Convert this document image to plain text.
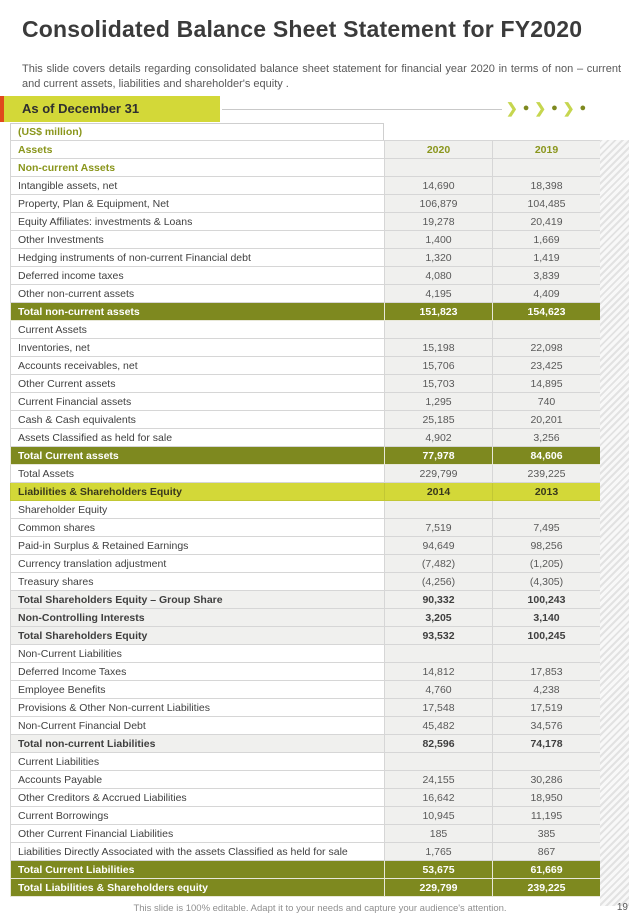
Consolidated Balance Sheet Statement for FY2020
This slide covers details regarding consolidated balance sheet statement for financial year 2020 in terms of non – current and current assets, liabilities and shareholder's equity .
As of December 31	❯ ● ❯ ● ❯ ●
(US$ million)
Assets	2020	2019
Non-current Assets		
Intangible assets, net	14,690	18,398
Property, Plan & Equipment, Net	106,879	104,485
Equity Affiliates: investments & Loans	19,278	20,419
Other Investments	1,400	1,669
Hedging instruments of non-current Financial debt	1,320	1,419
Deferred income taxes	4,080	3,839
Other non-current assets	4,195	4,409
Total non-current assets	151,823	154,623
Current Assets		
Inventories, net	15,198	22,098
Accounts receivables, net	15,706	23,425
Other Current assets	15,703	14,895
Current Financial assets	1,295	740
Cash & Cash equivalents	25,185	20,201
Assets Classified as held for sale	4,902	3,256
Total Current assets	77,978	84,606
Total Assets	229,799	239,225
Liabilities & Shareholders Equity	2014	2013
Shareholder Equity		
Common shares	7,519	7,495
Paid-in Surplus & Retained Earnings	94,649	98,256
Currency translation adjustment	(7,482)	(1,205)
Treasury shares	(4,256)	(4,305)
Total Shareholders Equity – Group Share	90,332	100,243
Non-Controlling Interests	3,205	3,140
Total Shareholders Equity	93,532	100,245
Non-Current Liabilities		
Deferred Income Taxes	14,812	17,853
Employee Benefits	4,760	4,238
Provisions & Other Non-current Liabilities	17,548	17,519
Non-Current Financial Debt	45,482	34,576
Total non-current Liabilities	82,596	74,178
Current Liabilities		
Accounts Payable	24,155	30,286
Other Creditors & Accrued Liabilities	16,642	18,950
Current Borrowings	10,945	11,195
Other Current Financial Liabilities	185	385
Liabilities Directly Associated with the assets Classified as held for sale	1,765	867
Total Current Liabilities	53,675	61,669
Total Liabilities & Shareholders equity	229,799	239,225
This slide is 100% editable. Adapt it to your needs and capture your audience's attention.	19
